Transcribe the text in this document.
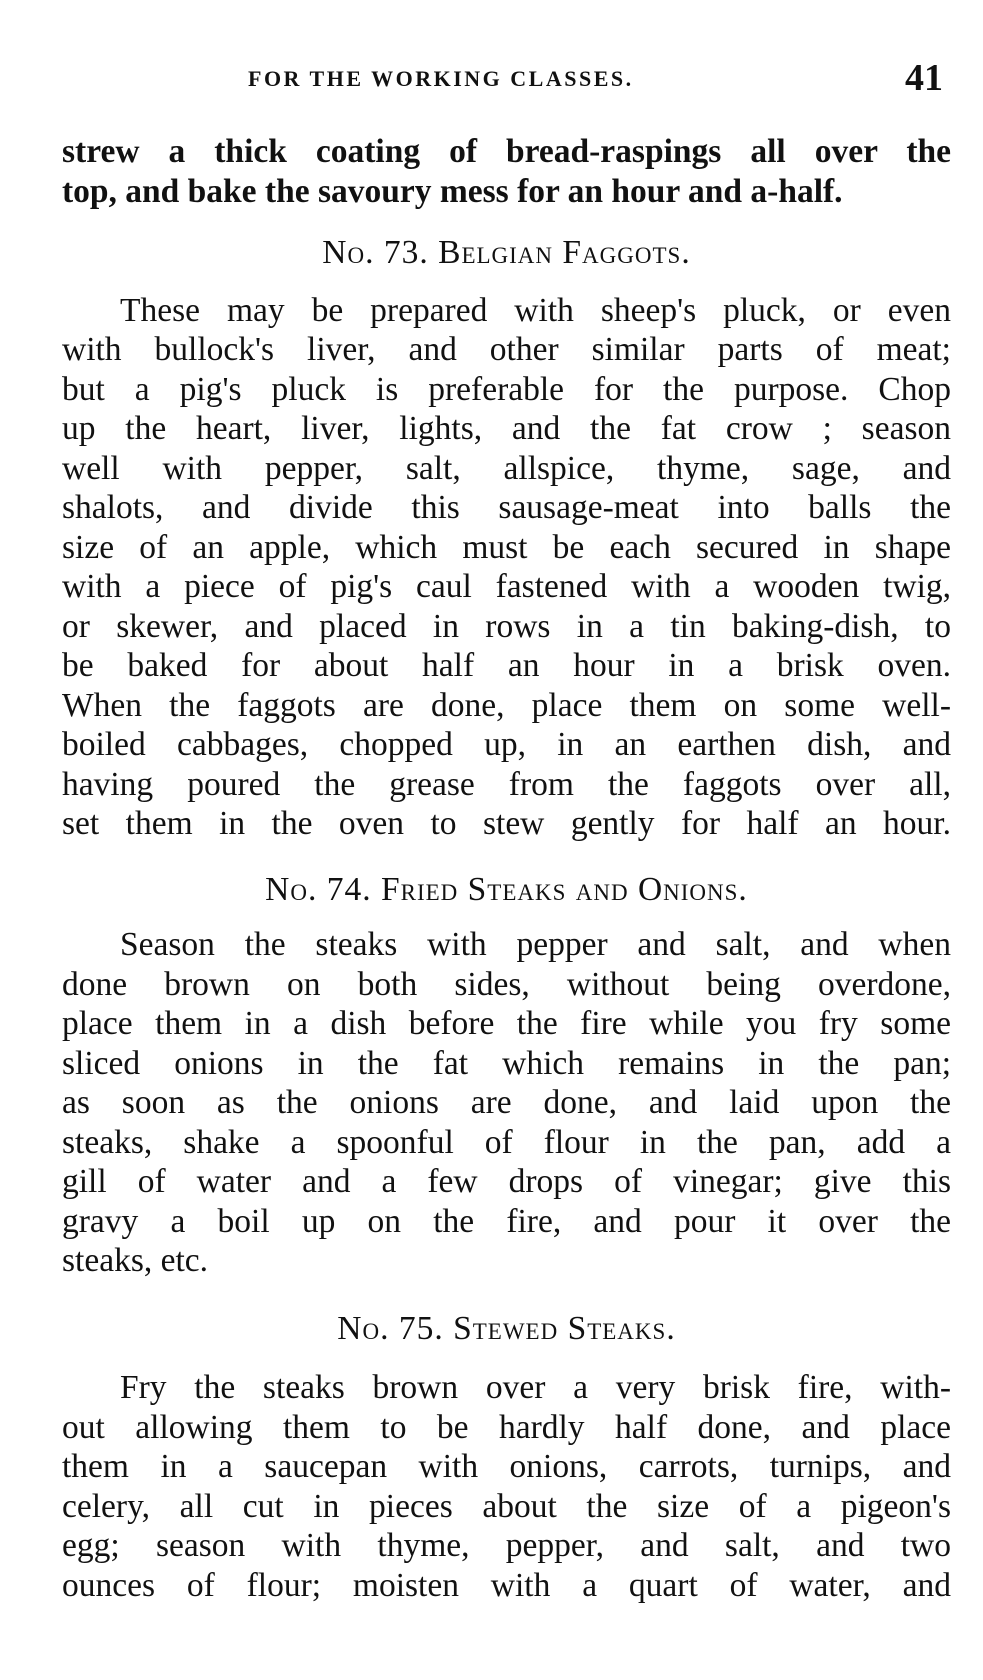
FOR THE WORKING CLASSES.	41
strew a thick coating of bread-raspings all over the
top, and bake the savoury mess for an hour and a-half.
No. 73. Belgian Faggots.
These may be prepared with sheep's pluck, or even
with bullock's liver, and other similar parts of meat;
but a pig's pluck is preferable for the purpose. Chop
up the heart, liver, lights, and the fat crow ; season
well with pepper, salt, allspice, thyme, sage, and
shalots, and divide this sausage-meat into balls the
size of an apple, which must be each secured in shape
with a piece of pig's caul fastened with a wooden twig,
or skewer, and placed in rows in a tin baking-dish, to
be baked for about half an hour in a brisk oven.
When the faggots are done, place them on some well-
boiled cabbages, chopped up, in an earthen dish, and
having poured the grease from the faggots over all,
set them in the oven to stew gently for half an hour.
No. 74. Fried Steaks and Onions.
Season the steaks with pepper and salt, and when
done brown on both sides, without being overdone,
place them in a dish before the fire while you fry some
sliced onions in the fat which remains in the pan;
as soon as the onions are done, and laid upon the
steaks, shake a spoonful of flour in the pan, add a
gill of water and a few drops of vinegar; give this
gravy a boil up on the fire, and pour it over the
steaks, etc.
No. 75. Stewed Steaks.
Fry the steaks brown over a very brisk fire, with-
out allowing them to be hardly half done, and place
them in a saucepan with onions, carrots, turnips, and
celery, all cut in pieces about the size of a pigeon's
egg; season with thyme, pepper, and salt, and two
ounces of flour; moisten with a quart of water, and
